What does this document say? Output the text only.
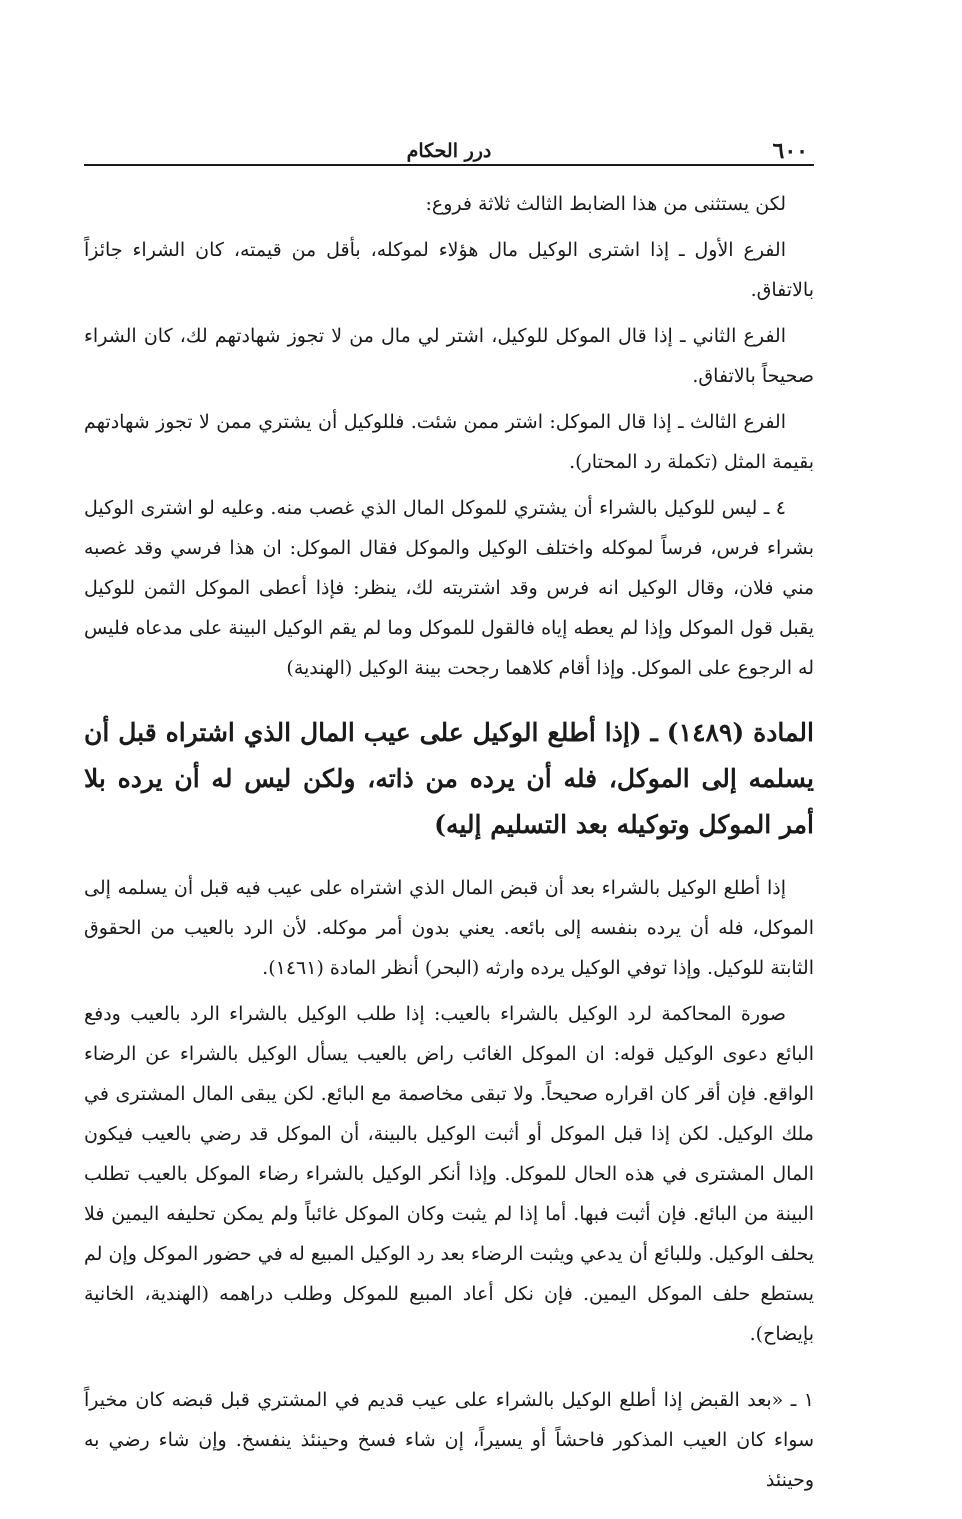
٦٠٠
درر الحكام

لكن يستثنى من هذا الضابط الثالث ثلاثة فروع:

الفرع الأول ـ إذا اشترى الوكيل مال هؤلاء لموكله، بأقل من قيمته، كان الشراء جائزاً بالاتفاق.

الفرع الثاني ـ إذا قال الموكل للوكيل، اشتر لي مال من لا تجوز شهادتهم لك، كان الشراء صحيحاً بالاتفاق.

الفرع الثالث ـ إذا قال الموكل: اشتر ممن شئت. فللوكيل أن يشتري ممن لا تجوز شهادتهم بقيمة المثل (تكملة رد المحتار).

٤ ـ ليس للوكيل بالشراء أن يشتري للموكل المال الذي غصب منه. وعليه لو اشترى الوكيل بشراء فرس، فرساً لموكله واختلف الوكيل والموكل فقال الموكل: ان هذا فرسي وقد غصبه مني فلان، وقال الوكيل انه فرس وقد اشتريته لك، ينظر: فإذا أعطى الموكل الثمن للوكيل يقبل قول الموكل وإذا لم يعطه إياه فالقول للموكل وما لم يقم الوكيل البينة على مدعاه فليس له الرجوع على الموكل. وإذا أقام كلاهما رجحت بينة الوكيل (الهندية)

المادة (١٤٨٩) ـ (إذا أطلع الوكيل على عيب المال الذي اشتراه قبل أن يسلمه إلى الموكل، فله أن يرده من ذاته، ولكن ليس له أن يرده بلا أمر الموكل وتوكيله بعد التسليم إليه)

إذا أطلع الوكيل بالشراء بعد أن قبض المال الذي اشتراه على عيب فيه قبل أن يسلمه إلى الموكل، فله أن يرده بنفسه إلى بائعه. يعني بدون أمر موكله. لأن الرد بالعيب من الحقوق الثابتة للوكيل. وإذا توفي الوكيل يرده وارثه (البحر) أنظر المادة (١٤٦١).

صورة المحاكمة لرد الوكيل بالشراء بالعيب: إذا طلب الوكيل بالشراء الرد بالعيب ودفع البائع دعوى الوكيل قوله: ان الموكل الغائب راض بالعيب يسأل الوكيل بالشراء عن الرضاء الواقع. فإن أقر كان اقراره صحيحاً. ولا تبقى مخاصمة مع البائع. لكن يبقى المال المشترى في ملك الوكيل. لكن إذا قبل الموكل أو أثبت الوكيل بالبينة، أن الموكل قد رضي بالعيب فيكون المال المشترى في هذه الحال للموكل. وإذا أنكر الوكيل بالشراء رضاء الموكل بالعيب تطلب البينة من البائع. فإن أثبت فبها. أما إذا لم يثبت وكان الموكل غائباً ولم يمكن تحليفه اليمين فلا يحلف الوكيل. وللبائع أن يدعي ويثبت الرضاء بعد رد الوكيل المبيع له في حضور الموكل وإن لم يستطع حلف الموكل اليمين. فإن نكل أعاد المبيع للموكل وطلب دراهمه (الهندية، الخانية بإيضاح).

١ ـ «بعد القبض إذا أطلع الوكيل بالشراء على عيب قديم في المشتري قبل قبضه كان مخيراً سواء كان العيب المذكور فاحشاً أو يسيراً، إن شاء فسخ وحينئذ ينفسخ. وإن شاء رضي به وحينئذ
